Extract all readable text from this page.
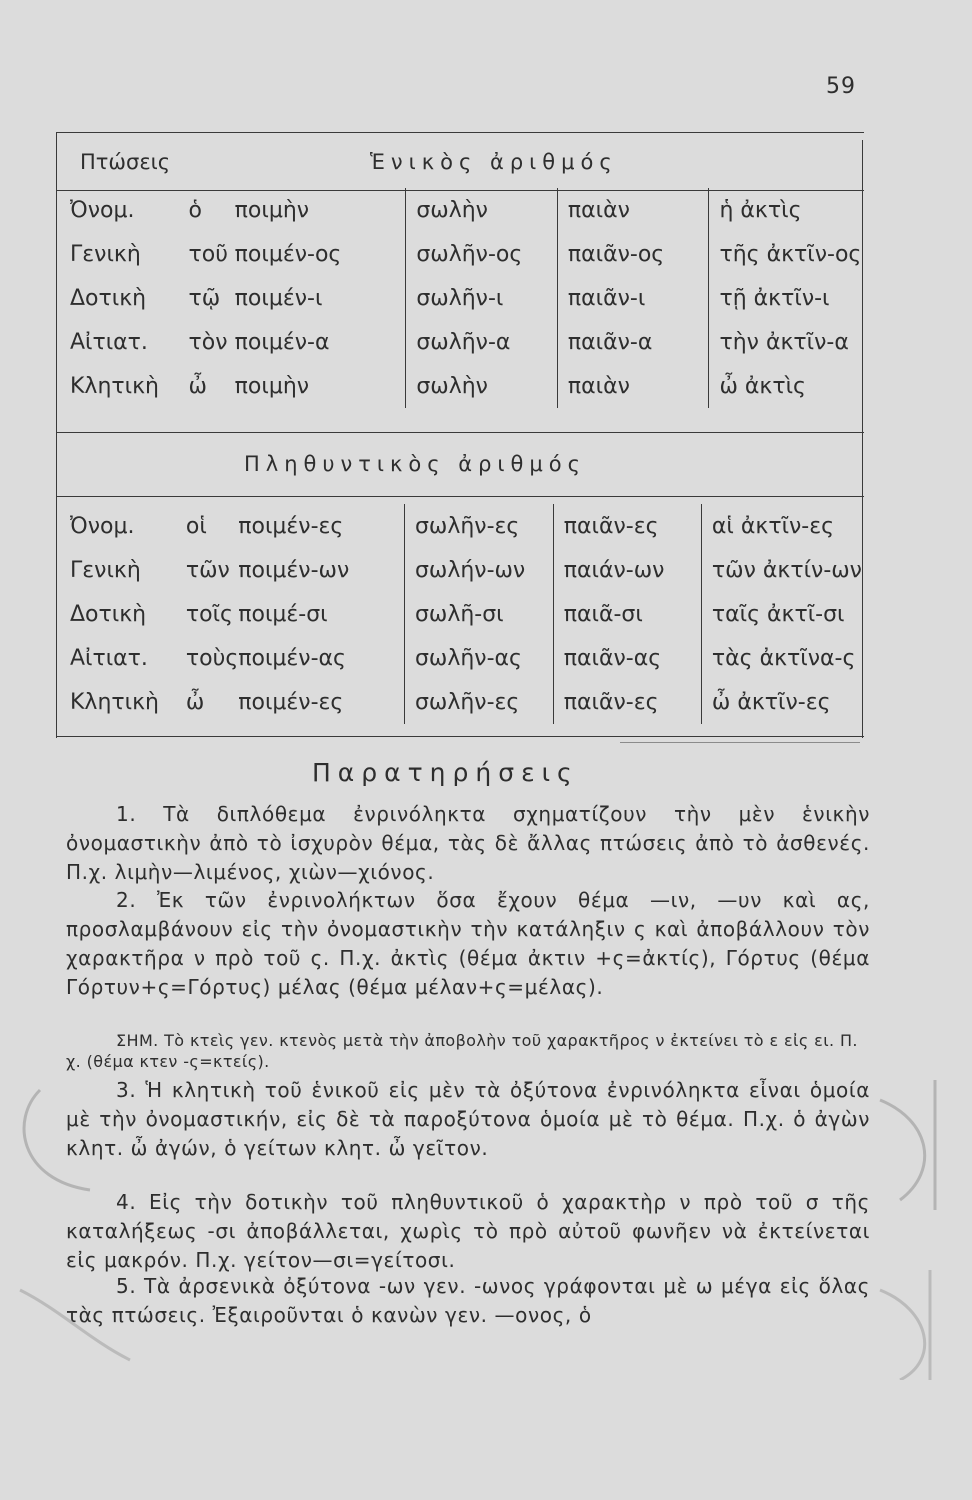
59
Πτώσεις	Ἑνικὸς ἀριθμός
Πληθυντικὸς ἀριθμός
Ὀνομ.	ὁ	ποιμὴν	σωλὴν	παιὰν	ἡ ἀκτὶς
Γενικὴ	τοῦ	ποιμέν-ος	σωλῆν-ος	παιᾶν-ος	τῆς ἀκτῖν-ος
Δοτικὴ	τῷ	ποιμέν-ι	σωλῆν-ι	παιᾶν-ι	τῇ ἀκτῖν-ι
Αἰτιατ.	τὸν	ποιμέν-α	σωλῆν-α	παιᾶν-α	τὴν ἀκτῖν-α
Κλητικὴ	ὦ	ποιμὴν	σωλὴν	παιὰν	ὦ ἀκτὶς
Ὀνομ.	οἱ	ποιμέν-ες	σωλῆν-ες	παιᾶν-ες	αἱ ἀκτῖν-ες
Γενικὴ	τῶν	ποιμέν-ων	σωλήν-ων	παιάν-ων	τῶν ἀκτίν-ων
Δοτικὴ	τοῖς	ποιμέ-σι	σωλῆ-σι	παιᾶ-σι	ταῖς ἀκτῖ-σι
Αἰτιατ.	τοὺς	ποιμέν-ας	σωλῆν-ας	παιᾶν-ας	τὰς ἀκτῖνα-ς
Κλητικὴ	ὦ	ποιμέν-ες	σωλῆν-ες	παιᾶν-ες	ὦ ἀκτῖν-ες
Παρατηρήσεις
1. Τὰ διπλόθεμα ἐνρινόληκτα σχηματίζουν τὴν μὲν ἑνικὴν ὀνομαστικὴν ἀπὸ τὸ ἰσχυρὸν θέμα, τὰς δὲ ἄλλας πτώσεις ἀπὸ τὸ ἀσθενές. Π.χ. λιμὴν—λιμένος, χιὼν—χιόνος.
2. Ἐκ τῶν ἐνρινολήκτων ὅσα ἔχουν θέμα —ιν, —υν καὶ ας, προσλαμβάνουν εἰς τὴν ὀνομαστικὴν τὴν κατάληξιν ς καὶ ἀποβάλλουν τὸν χαρακτῆρα ν πρὸ τοῦ ς. Π.χ. ἀκτὶς (θέμα ἀκτιν +ς=ἀκτίς), Γόρτυς (θέμα Γόρτυν+ς=Γόρτυς) μέλας (θέμα μέλαν+ς=μέλας).
ΣΗΜ. Τὸ κτεὶς γεν. κτενὸς μετὰ τὴν ἀποβολὴν τοῦ χαρακτῆρος ν ἐκτείνει τὸ ε εἰς ει. Π. χ. (θέμα κτεν -ς=κτείς).
3. Ἡ κλητικὴ τοῦ ἑνικοῦ εἰς μὲν τὰ ὀξύτονα ἐνρινόληκτα εἶναι ὁμοία μὲ τὴν ὀνομαστικήν, εἰς δὲ τὰ παροξύτονα ὁμοία μὲ τὸ θέμα. Π.χ. ὁ ἀγὼν κλητ. ὦ ἀγών, ὁ γείτων κλητ. ὦ γεῖτον.
4. Εἰς τὴν δοτικὴν τοῦ πληθυντικοῦ ὁ χαρακτὴρ ν πρὸ τοῦ σ τῆς καταλήξεως -σι ἀποβάλλεται, χωρὶς τὸ πρὸ αὐτοῦ φωνῆεν νὰ ἐκτείνεται εἰς μακρόν. Π.χ. γείτον—σι=γείτοσι.
5. Τὰ ἀρσενικὰ ὀξύτονα -ων γεν. -ωνος γράφονται μὲ ω μέγα εἰς ὅλας τὰς πτώσεις. Ἐξαιροῦνται ὁ κανὼν γεν. —ονος, ὁ
